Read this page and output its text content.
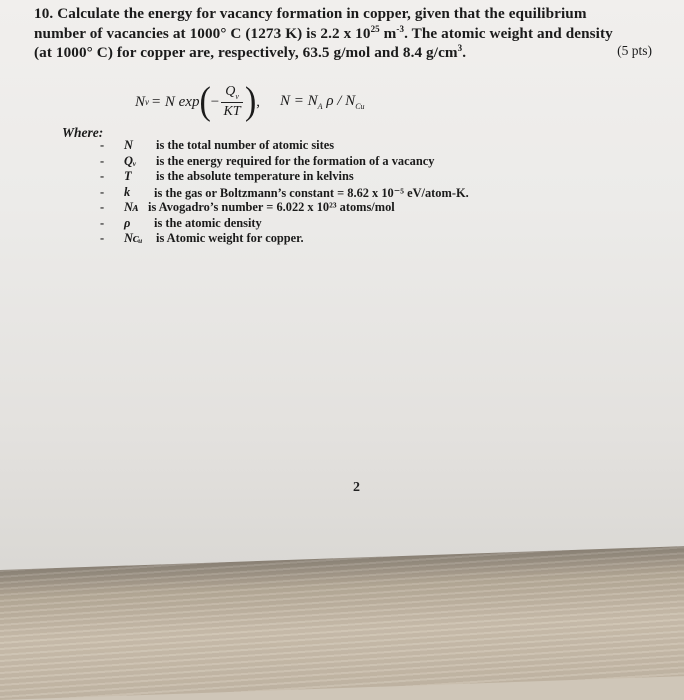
10. Calculate the energy for vacancy formation in copper, given that the equilibrium
number of vacancies at 1000° C (1273 K) is 2.2 x $10^{25}$ $m^{-3}$. The atomic weight and density
(at 1000° C) for copper are, respectively, 63.5 g/mol and 8.4 $g/cm^3$.	(5 pts)
N v = N exp ( − $\frac{Q_v}{KT}$ ) , $N = N_A$ ρ / $N_{Cu}$
Where:
-	N is the total number of atomic sites
-	Qᵥ is the energy required for the formation of a vacancy
-	T is the absolute temperature in kelvins
-	k is the gas or Boltzmann’s constant = 8.62 x 10⁻⁵ eV/atom-K.
-	Nᴀ is Avogadro’s number = 6.022 x 10²³ atoms/mol
-	ρ is the atomic density
-	Nᴄᵤ is Atomic weight for copper.
2
